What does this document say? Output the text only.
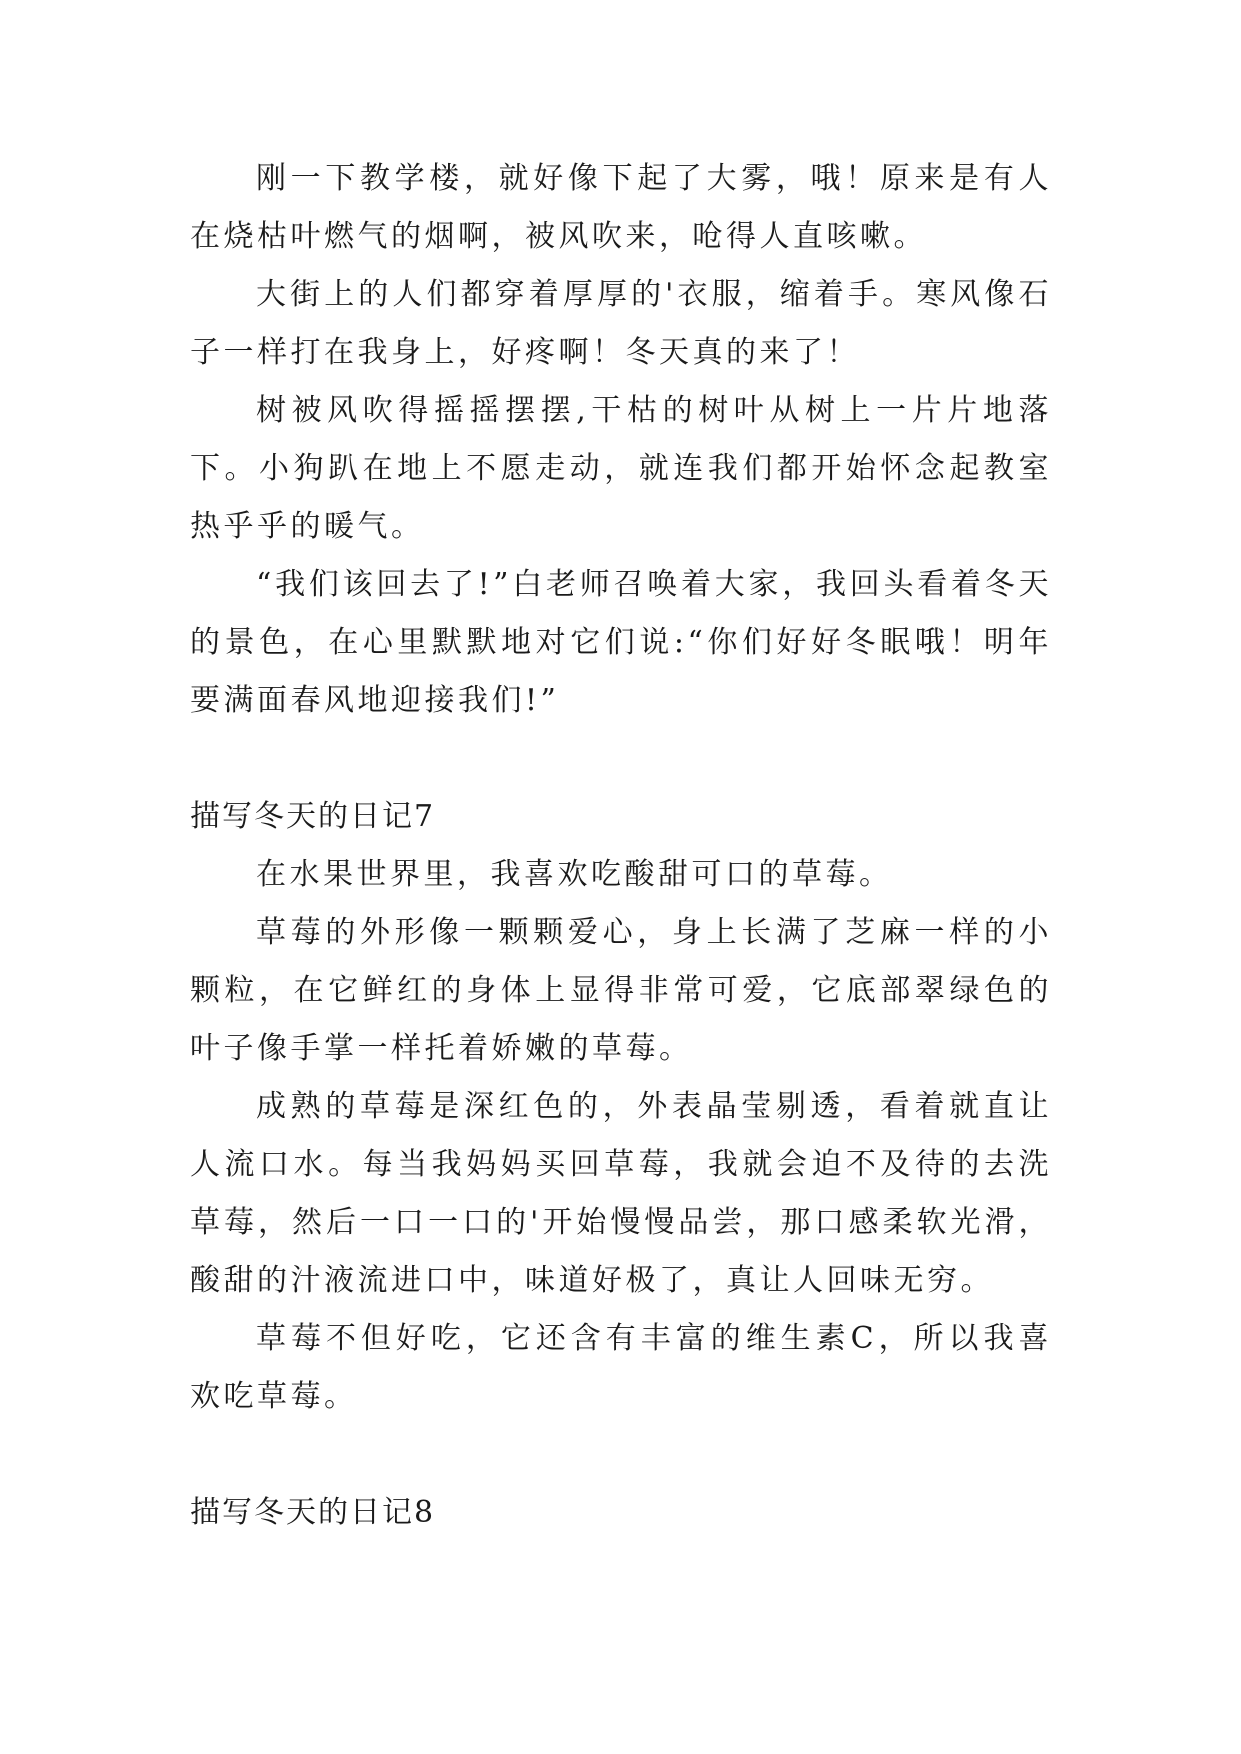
刚一下教学楼，就好像下起了大雾，哦！原来是有人在烧枯叶燃气的烟啊，被风吹来，呛得人直咳嗽。

大街上的人们都穿着厚厚的'衣服，缩着手。寒风像石子一样打在我身上，好疼啊！冬天真的来了！

树被风吹得摇摇摆摆,干枯的树叶从树上一片片地落下。小狗趴在地上不愿走动，就连我们都开始怀念起教室热乎乎的暖气。

“我们该回去了!”白老师召唤着大家，我回头看着冬天的景色，在心里默默地对它们说:“你们好好冬眠哦！明年要满面春风地迎接我们!”

描写冬天的日记7

在水果世界里，我喜欢吃酸甜可口的草莓。

草莓的外形像一颗颗爱心，身上长满了芝麻一样的小颗粒，在它鲜红的身体上显得非常可爱，它底部翠绿色的叶子像手掌一样托着娇嫩的草莓。

成熟的草莓是深红色的，外表晶莹剔透，看着就直让人流口水。每当我妈妈买回草莓，我就会迫不及待的去洗草莓，然后一口一口的'开始慢慢品尝，那口感柔软光滑，酸甜的汁液流进口中，味道好极了，真让人回味无穷。

草莓不但好吃，它还含有丰富的维生素C，所以我喜欢吃草莓。

描写冬天的日记8
